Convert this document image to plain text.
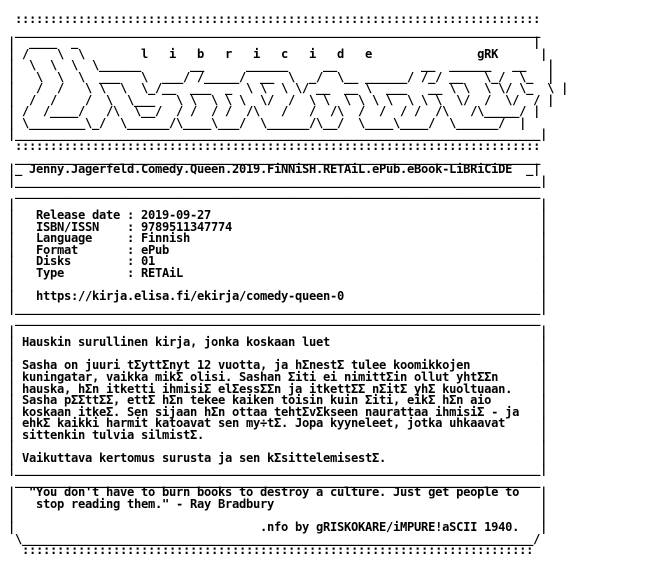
:::::::::::::::::::::::::::::::::::::::::::::::::::::::::::::::::::::::::::
___________________________________________________________________________
|  ____  _                                                                 |
| /    \  \        l   i   b   r   i   c   i   d   e               gRK      |
|  \  \  \  \______       __      ______     __            __  ______   __   |
|   \  \  \  ___   \  ___/ /_____/  __  \  _/  \__ ______/ /_/ __   \_/  \_  |
|   /  /   \ \  \  \_/__  ___  _  \ \  \ \/ __  __ \  ___   __ \ \  \ \/ \_  \ |
|  /  /    /  \  \___   \ \  \ \ \  \/  /  \ \  \ \ \ \  \ \ \  \/  /  \/  / |
| /  /____/   /\  \__/  / /  / /  /\   /   /  /\  /  /  / /  /\   /\_____/ |
| \________\_/  \______/\____\___/  \______/\__/  \____\____/  \______/  |
|___________________________________________________________________________|
:::::::::::::::::::::::::::::::::::::::::::::::::::::::::::::::::::::::::::
___________________________________________________________________________
|_ Jenny.Jagerfeld.Comedy.Queen.2019.FiNNiSH.RETAiL.ePub.eBook-LiBRiCiDE  _|
|___________________________________________________________________________|
___________________________________________________________________________
|                                                                           |
|   Release date : 2019-09-27                                               |
|   ISBN/ISSN    : 9789511347774                                            |
|   Language     : Finnish                                                  |
|   Format       : ePub                                                     |
|   Disks        : 01                                                       |
|   Type         : RETAiL                                                   |
|                                                                           |
|   https://kirja.elisa.fi/ekirja/comedy-queen-0                            |
|___________________________________________________________________________|
___________________________________________________________________________
|                                                                           |
| Hauskin surullinen kirja, jonka koskaan luet                              |
|                                                                           |
| Sasha on juuri tΣyttΣnyt 12 vuotta, ja hΣnestΣ tulee koomikkojen          |
| kuningatar, vaikka mikΣ olisi. Sashan Σiti ei nimittΣin ollut yhtΣΣn      |
| hauska, hΣn itketti ihmisiΣ elΣessΣΣn ja itkettΣΣ nΣitΣ yhΣ kuoltuaan.    |
| Sasha pΣΣttΣΣ, ettΣ hΣn tekee kaiken toisin kuin Σiti, eikΣ hΣn aio       |
| koskaan itkeΣ. Sen sijaan hΣn ottaa tehtΣvΣkseen naurattaa ihmisiΣ - ja   |
| ehkΣ kaikki harmit katoavat sen my÷tΣ. Jopa kyyneleet, jotka uhkaavat     |
| sittenkin tulvia silmistΣ.                                                |
|                                                                           |
| Vaikuttava kertomus surusta ja sen kΣsittelemisestΣ.                      |
|___________________________________________________________________________|
___________________________________________________________________________
|  "You don't have to burn books to destroy a culture. Just get people to   |
|   stop reading them." - Ray Bradbury                                      |
|                                                                           |
|                                   .nfo by gRISKOKARE/iMPURE!aSCII 1940.   |
\_________________________________________________________________________/
:::::::::::::::::::::::::::::::::::::::::::::::::::::::::::::::::::::::::
